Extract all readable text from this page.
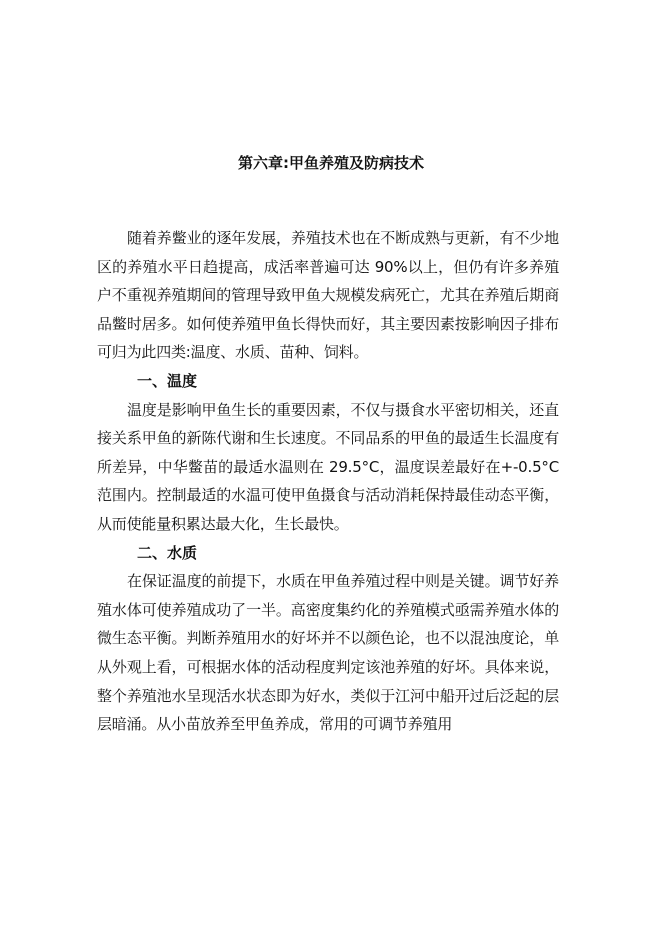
第六章:甲鱼养殖及防病技术

随着养鳖业的逐年发展，养殖技术也在不断成熟与更新，有不少地区的养殖水平日趋提高，成活率普遍可达 90%以上，但仍有许多养殖户不重视养殖期间的管理导致甲鱼大规模发病死亡，尤其在养殖后期商品鳖时居多。如何使养殖甲鱼长得快而好，其主要因素按影响因子排布可归为此四类:温度、水质、苗种、饲料。

一、温度

温度是影响甲鱼生长的重要因素，不仅与摄食水平密切相关，还直接关系甲鱼的新陈代谢和生长速度。不同品系的甲鱼的最适生长温度有所差异，中华鳖苗的最适水温则在 29.5°C，温度误差最好在+-0.5°C范围内。控制最适的水温可使甲鱼摄食与活动消耗保持最佳动态平衡，从而使能量积累达最大化，生长最快。

二、水质

在保证温度的前提下，水质在甲鱼养殖过程中则是关键。调节好养殖水体可使养殖成功了一半。高密度集约化的养殖模式亟需养殖水体的微生态平衡。判断养殖用水的好坏并不以颜色论，也不以混浊度论，单从外观上看，可根据水体的活动程度判定该池养殖的好坏。具体来说，整个养殖池水呈现活水状态即为好水，类似于江河中船开过后泛起的层层暗涌。从小苗放养至甲鱼养成，常用的可调节养殖用
